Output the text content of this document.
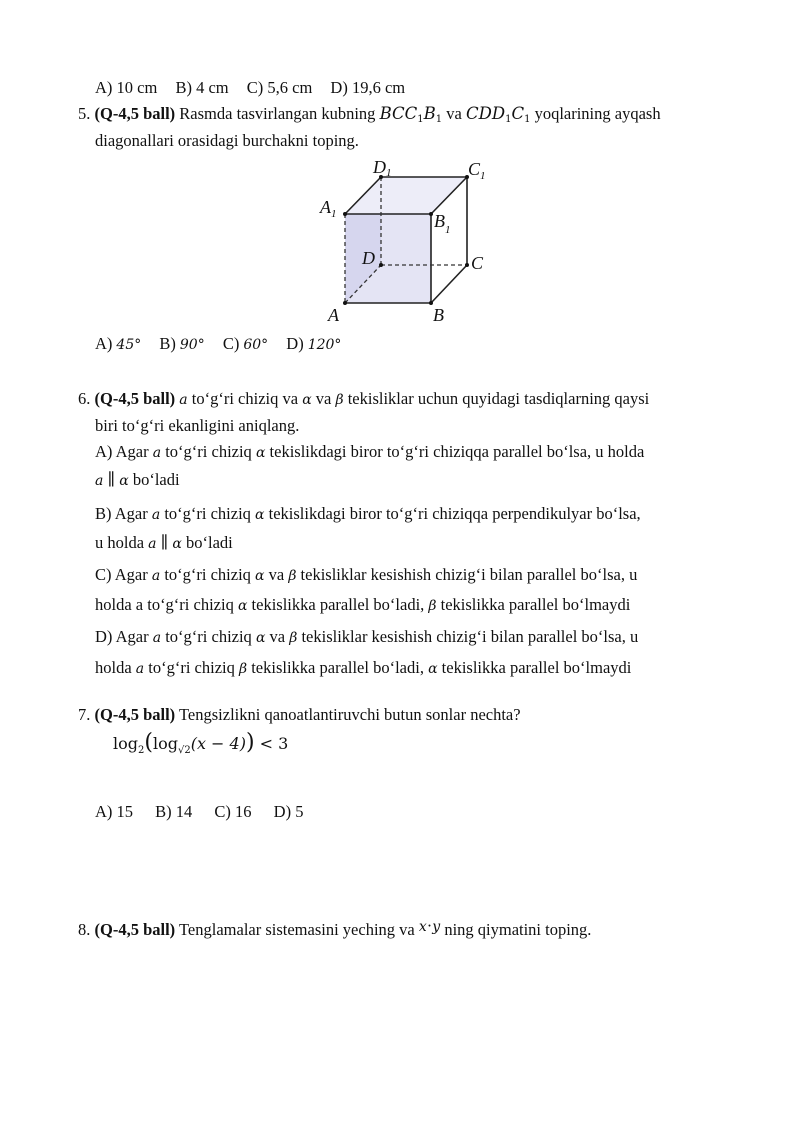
A) 10 cm B) 4 cm C) 5,6 cm D) 19,6 cm
5. (Q-4,5 ball) Rasmda tasvirlangan kubning $BCC_1B_1$ va $CDD_1C_1$ yoqlarining ayqash
diagonallari orasidagi burchakni toping.
D1	$C_1$
$A_1$	$B_1$
D	C
A	B
A) 45° B) 90° C) 60° D) 120°
6. (Q-4,5 ball) a to‘g‘ri chiziq va α va β tekisliklar uchun quyidagi tasdiqlarning qaysi
biri to‘g‘ri ekanligini aniqlang.
A) Agar a to‘g‘ri chiziq α tekislikdagi biror to‘g‘ri chiziqqa parallel bo‘lsa, u holda
a ∥ α bo‘ladi
B) Agar a to‘g‘ri chiziq α tekislikdagi biror to‘g‘ri chiziqqa perpendikulyar bo‘lsa,
u holda a ∥ α bo‘ladi
C) Agar a to‘g‘ri chiziq α va β tekisliklar kesishish chizig‘i bilan parallel bo‘lsa, u
holda a to‘g‘ri chiziq α tekislikka parallel bo‘ladi, β tekislikka parallel bo‘lmaydi
D) Agar a to‘g‘ri chiziq α va β tekisliklar kesishish chizig‘i bilan parallel bo‘lsa, u
holda a to‘g‘ri chiziq β tekislikka parallel bo‘ladi, α tekislikka parallel bo‘lmaydi
7. (Q-4,5 ball) Tengsizlikni qanoatlantiruvchi butun sonlar nechta?
$\log_2(\log_{√2}(x - 4)) < 3$
A) 15 B) 14 C) 16 D) 5
8. (Q-4,5 ball) Tenglamalar sistemasini yeching va $^x$·$^y$ ning qiymatini toping.
